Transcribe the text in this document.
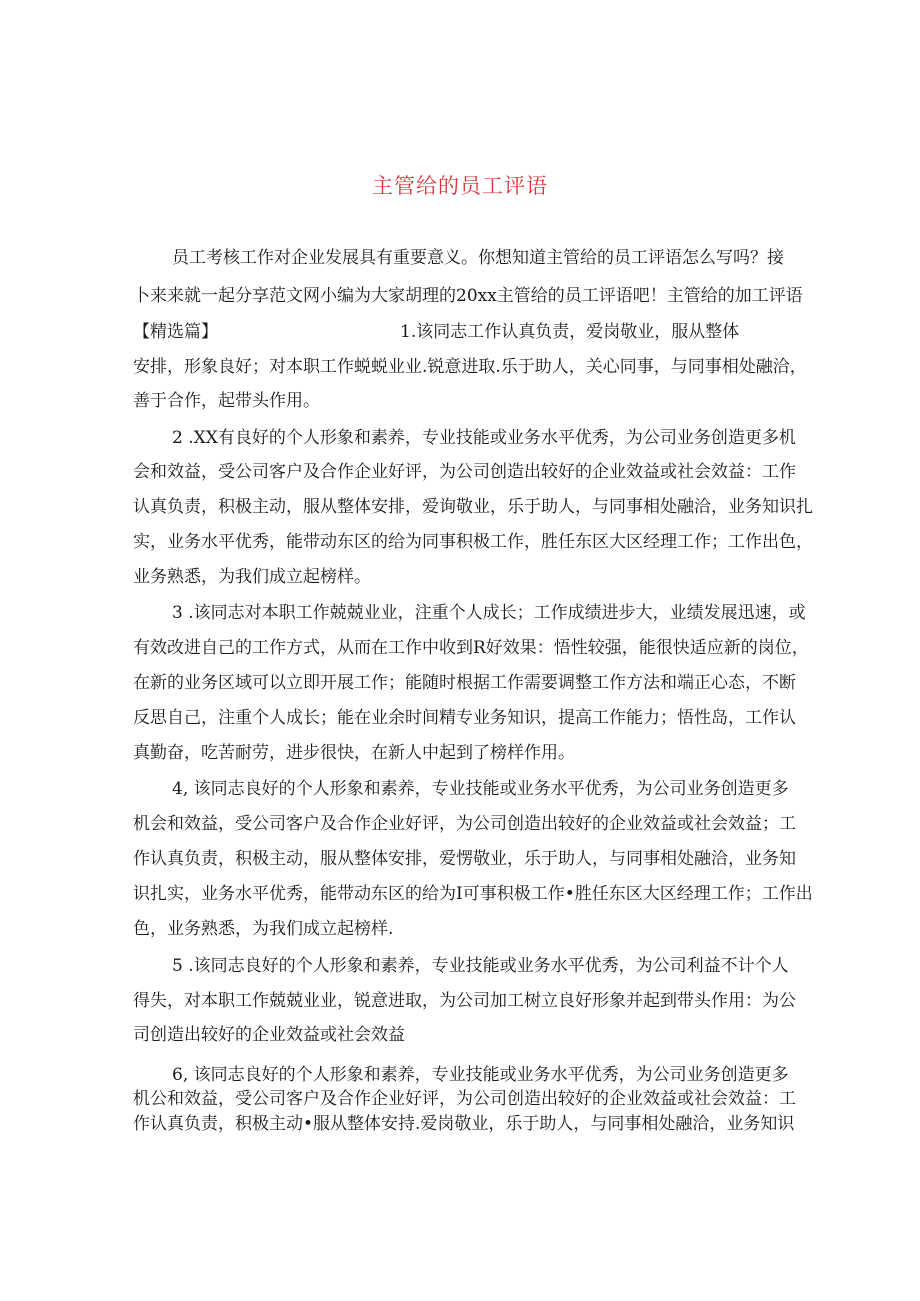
主管给的员工评语
员工考核工作对企业发展具有重要意义。你想知道主管给的员工评语怎么写吗？接
卜来来就一起分享范文网小编为大家胡理的20xx主管给的员工评语吧！主管给的加工评语
【精选篇】	1.该同志工作认真负责，爱岗敬业，服从整体
安排，形象良好；对本职工作蜕蜕业业.锐意进取.乐于助人，关心同事，与同事相处融洽，
善于合作，起带头作用。
2 .XX有良好的个人形象和素养，专业技能或业务水平优秀，为公司业务创造更多机
会和效益，受公司客户及合作企业好评，为公司创造出较好的企业效益或社会效益：工作
认真负责，积极主动，服从整体安排，爱询敬业，乐于助人，与同事相处融洽，业务知识扎
实，业务水平优秀，能带动东区的给为同事积极工作，胜任东区大区经理工作；工作出色，
业务熟悉，为我们成立起榜样。
3 .该同志对本职工作兢兢业业，注重个人成长；工作成绩进步大，业绩发展迅速，或
有效改进自己的工作方式，从而在工作中收到R好效果：悟性较强，能很快适应新的岗位，
在新的业务区域可以立即开展工作；能随时根据工作需要调整工作方法和端正心态，不断
反思自己，注重个人成长；能在业余时间精专业务知识，提高工作能力；悟性岛，工作认
真勤奋，吃苦耐劳，进步很快，在新人中起到了榜样作用。
4, 该同志良好的个人形象和素养，专业技能或业务水平优秀，为公司业务创造更多
机会和效益，受公司客户及合作企业好评，为公司创造出较好的企业效益或社会效益；工
作认真负责，积极主动，服从整体安排，爱愣敬业，乐于助人，与同事相处融洽，业务知
识扎实，业务水平优秀，能带动东区的给为I可事积极工作•胜任东区大区经理工作；工作出
色，业务熟悉，为我们成立起榜样.
5 .该同志良好的个人形象和素养，专业技能或业务水平优秀，为公司利益不计个人
得失，对本职工作兢兢业业，锐意进取，为公司加工树立良好形象并起到带头作用：为公
司创造出较好的企业效益或社会效益
6, 该同志良好的个人形象和素养，专业技能或业务水平优秀，为公司业务创造更多
机公和效益，受公司客户及合作企业好评，为公司创造出较好的企业效益或社会效益：工
作认真负责，积极主动•服从整体安持.爱岗敬业，乐于助人，与同事相处融洽，业务知识
